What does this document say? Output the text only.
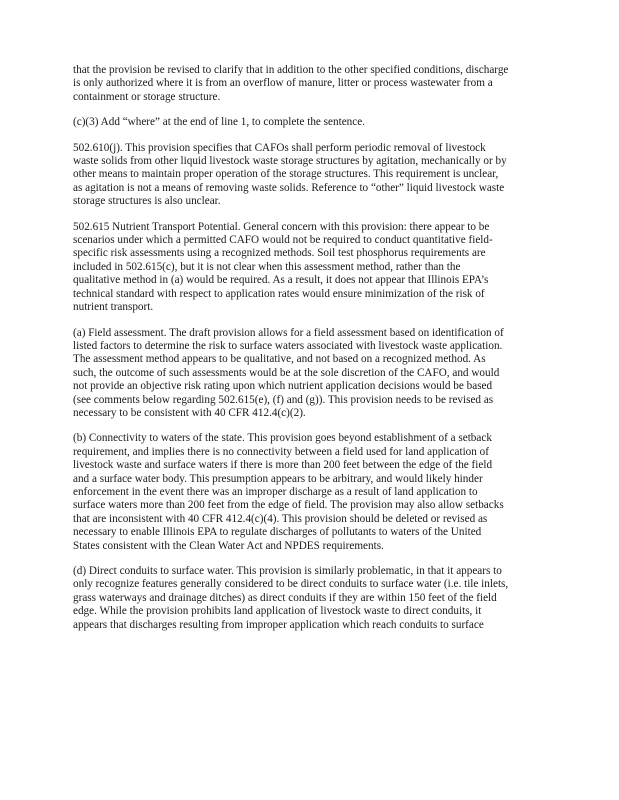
that the provision be revised to clarify that in addition to the other specified conditions, discharge
is only authorized where it is from an overflow of manure, litter or process wastewater from a
containment or storage structure.

(c)(3) Add “where” at the end of line 1, to complete the sentence.

502.610(j). This provision specifies that CAFOs shall perform periodic removal of livestock
waste solids from other liquid livestock waste storage structures by agitation, mechanically or by
other means to maintain proper operation of the storage structures. This requirement is unclear,
as agitation is not a means of removing waste solids. Reference to “other” liquid livestock waste
storage structures is also unclear.

502.615 Nutrient Transport Potential. General concern with this provision: there appear to be
scenarios under which a permitted CAFO would not be required to conduct quantitative field-
specific risk assessments using a recognized methods. Soil test phosphorus requirements are
included in 502.615(c), but it is not clear when this assessment method, rather than the
qualitative method in (a) would be required. As a result, it does not appear that Illinois EPA’s
technical standard with respect to application rates would ensure minimization of the risk of
nutrient transport.

(a) Field assessment. The draft provision allows for a field assessment based on identification of
listed factors to determine the risk to surface waters associated with livestock waste application.
The assessment method appears to be qualitative, and not based on a recognized method. As
such, the outcome of such assessments would be at the sole discretion of the CAFO, and would
not provide an objective risk rating upon which nutrient application decisions would be based
(see comments below regarding 502.615(e), (f) and (g)). This provision needs to be revised as
necessary to be consistent with 40 CFR 412.4(c)(2).

(b) Connectivity to waters of the state. This provision goes beyond establishment of a setback
requirement, and implies there is no connectivity between a field used for land application of
livestock waste and surface waters if there is more than 200 feet between the edge of the field
and a surface water body. This presumption appears to be arbitrary, and would likely hinder
enforcement in the event there was an improper discharge as a result of land application to
surface waters more than 200 feet from the edge of field. The provision may also allow setbacks
that are inconsistent with 40 CFR 412.4(c)(4). This provision should be deleted or revised as
necessary to enable Illinois EPA to regulate discharges of pollutants to waters of the United
States consistent with the Clean Water Act and NPDES requirements.

(d) Direct conduits to surface water. This provision is similarly problematic, in that it appears to
only recognize features generally considered to be direct conduits to surface water (i.e. tile inlets,
grass waterways and drainage ditches) as direct conduits if they are within 150 feet of the field
edge. While the provision prohibits land application of livestock waste to direct conduits, it
appears that discharges resulting from improper application which reach conduits to surface
